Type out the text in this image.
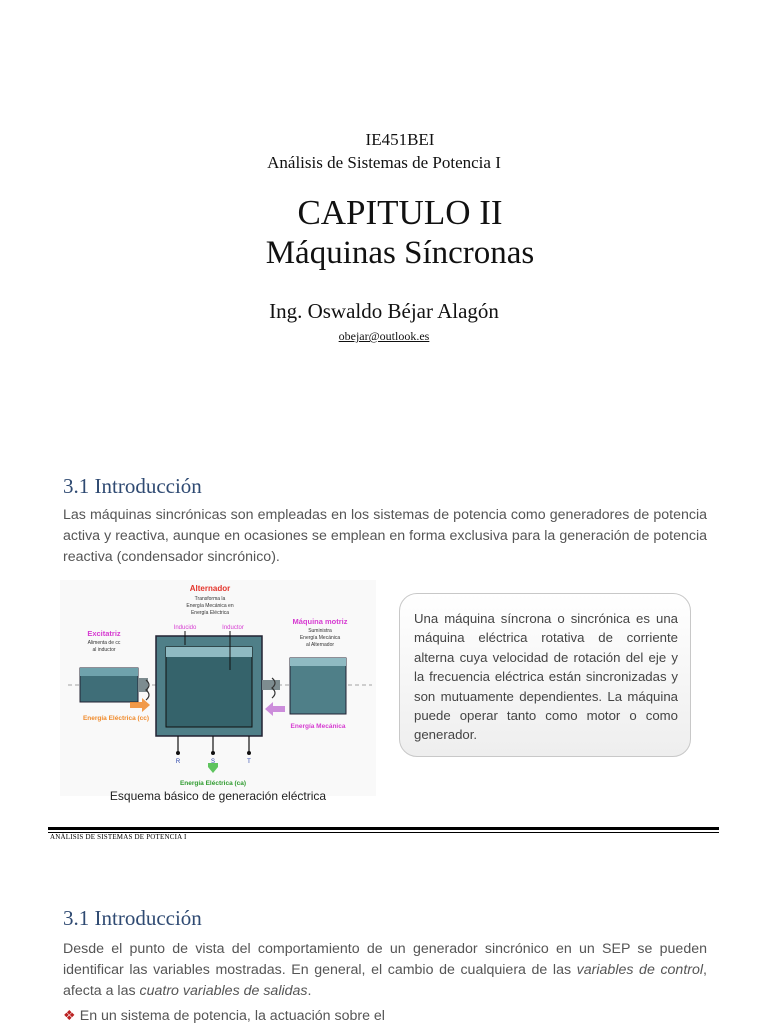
IE451BEI
Análisis de Sistemas de Potencia I
CAPITULO II
Máquinas Síncronas
Ing. Oswaldo Béjar Alagón
obejar@outlook.es
3.1 Introducción
Las máquinas sincrónicas son empleadas en los sistemas de potencia como generadores de potencia activa y reactiva, aunque en ocasiones se emplean en forma exclusiva para la generación de potencia reactiva (condensador sincrónico).
Alternador
Transforma la
Energía Mecánica en
Energía Eléctrica
Inducido	Inductor
Excitatriz
Alimenta de cc
al inductor
Máquina motriz
Suministra
Energía Mecánica
al Alternador
Energía Eléctrica (cc)
Energía Mecánica
R	S	T
Energía Eléctrica (ca)
Esquema básico de generación eléctrica
Una máquina síncrona o sincrónica es una máquina eléctrica rotativa de corriente alterna cuya velocidad de rotación del eje y la frecuencia eléctrica están sincronizadas y son mutuamente dependientes. La máquina puede operar tanto como motor o como generador.
ANÁLISIS DE SISTEMAS DE POTENCIA I
3.1 Introducción
Desde el punto de vista del comportamiento de un generador sincrónico en un SEP se pueden identificar las variables mostradas. En general, el cambio de cualquiera de las variables de control, afecta a las cuatro variables de salidas.
❖ En un sistema de potencia, la actuación sobre el
